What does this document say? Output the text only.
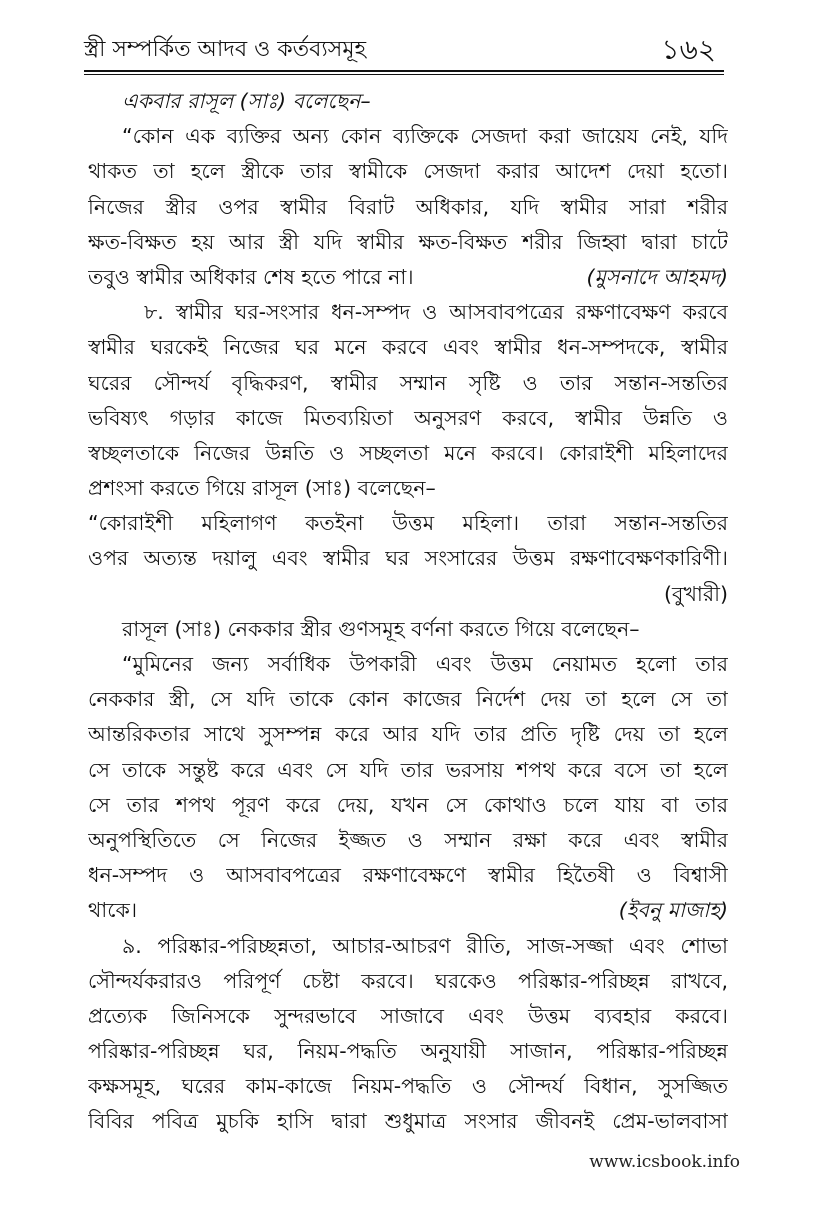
স্ত্রী সম্পর্কিত আদব ও কর্তব্যসমূহ	১৬২
একবার রাসূল (সাঃ) বলেছেন–
“কোন এক ব্যক্তির অন্য কোন ব্যক্তিকে সেজদা করা জায়েয নেই, যদি
থাকত তা হলে স্ত্রীকে তার স্বামীকে সেজদা করার আদেশ দেয়া হতো।
নিজের স্ত্রীর ওপর স্বামীর বিরাট অধিকার, যদি স্বামীর সারা শরীর
ক্ষত-বিক্ষত হয় আর স্ত্রী যদি স্বামীর ক্ষত-বিক্ষত শরীর জিহ্বা দ্বারা চাটে
তবুও স্বামীর অধিকার শেষ হতে পারে না।	(মুসনাদে আহমদ)
৮. স্বামীর ঘর-সংসার ধন-সম্পদ ও আসবাবপত্রের রক্ষণাবেক্ষণ করবে
স্বামীর ঘরকেই নিজের ঘর মনে করবে এবং স্বামীর ধন-সম্পদকে, স্বামীর
ঘরের সৌন্দর্য বৃদ্ধিকরণ, স্বামীর সম্মান সৃষ্টি ও তার সন্তান-সন্ততির
ভবিষ্যৎ গড়ার কাজে মিতব্যয়িতা অনুসরণ করবে, স্বামীর উন্নতি ও
স্বচ্ছলতাকে নিজের উন্নতি ও সচ্ছলতা মনে করবে। কোরাইশী মহিলাদের
প্রশংসা করতে গিয়ে রাসূল (সাঃ) বলেছেন–
“কোরাইশী মহিলাগণ কতইনা উত্তম মহিলা। তারা সন্তান-সন্ততির
ওপর অত্যন্ত দয়ালু এবং স্বামীর ঘর সংসারের উত্তম রক্ষণাবেক্ষণকারিণী।
(বুখারী)
রাসূল (সাঃ) নেককার স্ত্রীর গুণসমূহ বর্ণনা করতে গিয়ে বলেছেন–
“মুমিনের জন্য সর্বাধিক উপকারী এবং উত্তম নেয়ামত হলো তার
নেককার স্ত্রী, সে যদি তাকে কোন কাজের নির্দেশ দেয় তা হলে সে তা
আন্তরিকতার সাথে সুসম্পন্ন করে আর যদি তার প্রতি দৃষ্টি দেয় তা হলে
সে তাকে সন্তুষ্ট করে এবং সে যদি তার ভরসায় শপথ করে বসে তা হলে
সে তার শপথ পূরণ করে দেয়, যখন সে কোথাও চলে যায় বা তার
অনুপস্থিতিতে সে নিজের ইজ্জত ও সম্মান রক্ষা করে এবং স্বামীর
ধন-সম্পদ ও আসবাবপত্রের রক্ষণাবেক্ষণে স্বামীর হিতৈষী ও বিশ্বাসী
থাকে।	(ইবনু মাজাহ)
৯. পরিষ্কার-পরিচ্ছন্নতা, আচার-আচরণ রীতি, সাজ-সজ্জা এবং শোভা
সৌন্দর্যকরারও পরিপূর্ণ চেষ্টা করবে। ঘরকেও পরিষ্কার-পরিচ্ছন্ন রাখবে,
প্রত্যেক জিনিসকে সুন্দরভাবে সাজাবে এবং উত্তম ব্যবহার করবে।
পরিষ্কার-পরিচ্ছন্ন ঘর, নিয়ম-পদ্ধতি অনুযায়ী সাজান, পরিষ্কার-পরিচ্ছন্ন
কক্ষসমূহ, ঘরের কাম-কাজে নিয়ম-পদ্ধতি ও সৌন্দর্য বিধান, সুসজ্জিত
বিবির পবিত্র মুচকি হাসি দ্বারা শুধুমাত্র সংসার জীবনই প্রেম-ভালবাসা
www.icsbook.info
